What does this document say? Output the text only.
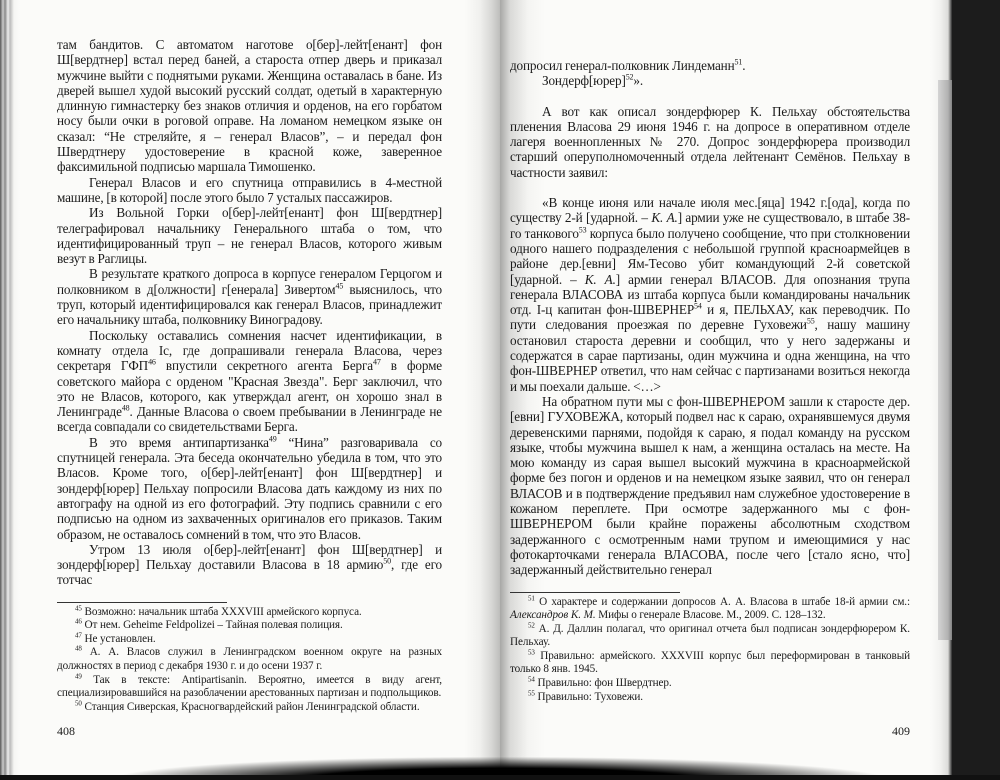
там бандитов. С автоматом наготове о[бер]-лейт[енант] фон Ш[вердтнер] встал перед баней, а староста отпер дверь и приказал мужчине выйти с поднятыми руками. Женщина оставалась в бане. Из дверей вышел худой высокий русский солдат, одетый в характерную длинную гимнастерку без знаков отличия и орденов, на его горбатом носу были очки в роговой оправе. На ломаном немецком языке он сказал: “Не стреляйте, я – генерал Власов”, – и передал фон Швердтнеру удостоверение в красной коже, заверенное факсимильной подписью маршала Тимошенко.

Генерал Власов и его спутница отправились в 4-местной машине, [в которой] после этого было 7 усталых пассажиров.

Из Вольной Горки о[бер]-лейт[енант] фон Ш[вердтнер] телеграфировал начальнику Генерального штаба о том, что идентифицированный труп – не генерал Власов, которого живым везут в Раглицы.

В результате краткого допроса в корпусе генералом Герцогом и полковником в д[олжности] г[енерала] Зивертом$^{45}$ выяснилось, что труп, который идентифицировался как генерал Власов, принадлежит его начальнику штаба, полковнику Виноградову.

Поскольку оставались сомнения насчет идентификации, в комнату отдела Ic, где допрашивали генерала Власова, через секретаря ГФП$^{46}$ впустили секретного агента Берга$^{47}$ в форме советского майора с орденом "Красная Звезда". Берг заключил, что это не Власов, которого, как утверждал агент, он хорошо знал в Ленинграде$^{48}$. Данные Власова о своем пребывании в Ленинграде не всегда совпадали со свидетельствами Берга.

В это время антипартизанка$^{49}$ “Нина” разговаривала со спутницей генерала. Эта беседа окончательно убедила в том, что это Власов. Кроме того, о[бер]-лейт[енант] фон Ш[вердтнер] и зондерф[юрер] Пельхау попросили Власова дать каждому из них по автографу на одной из его фотографий. Эту подпись сравнили с его подписью на одном из захваченных оригиналов его приказов. Таким образом, не оставалось сомнений в том, что это Власов.

Утром 13 июля о[бер]-лейт[енант] фон Ш[вердтнер] и зондерф[юрер] Пельхау доставили Власова в 18 армию$^{50}$, где его тотчас

$^{45}$ Возможно: начальник штаба XXXVIII армейского корпуса.

$^{46}$ От нем. Geheime Feldpolizei – Тайная полевая полиция.

$^{47}$ Не установлен.

$^{48}$ А. А. Власов служил в Ленинградском военном округе на разных должностях в период с декабря 1930 г. и до осени 1937 г.

$^{49}$ Так в тексте: Antipartisanin. Вероятно, имеется в виду агент, специализировавшийся на разоблачении арестованных партизан и подпольщиков.

$^{50}$ Станция Сиверская, Красногвардейский район Ленинградской области.

408

допросил генерал-полковник Линдеманн$^{51}$.

Зондерф[юрер]$^{52}$».

А вот как описал зондерфюрер К. Пельхау обстоятельства пленения Власова 29 июня 1946 г. на допросе в оперативном отделе лагеря военнопленных № 270. Допрос зондерфюрера производил старший оперуполномоченный отдела лейтенант Семёнов. Пельхау в частности заявил:

«В конце июня или начале июля мес.[яца] 1942 г.[ода], когда по существу 2-й [ударной. – К. А.] армии уже не существовало, в штабе 38-го танкового$^{53}$ корпуса было получено сообщение, что при столкновении одного нашего подразделения с небольшой группой красноармейцев в районе дер.[евни] Ям-Тесово убит командующий 2-й советской [ударной. – К. А.] армии генерал ВЛАСОВ. Для опознания трупа генерала ВЛАСОВА из штаба корпуса были командированы начальник отд. I-ц капитан фон-ШВЕРНЕР$^{54}$ и я, ПЕЛЬХАУ, как переводчик. По пути следования проезжая по деревне Гуховежи$^{55}$, нашу машину остановил староста деревни и сообщил, что у него задержаны и содержатся в сарае партизаны, один мужчина и одна женщина, на что фон-ШВЕРНЕР ответил, что нам сейчас с партизанами возиться некогда и мы поехали дальше. <…>

На обратном пути мы с фон-ШВЕРНЕРОМ зашли к старосте дер.[евни] ГУХОВЕЖА, который подвел нас к сараю, охранявшемуся двумя деревенскими парнями, подойдя к сараю, я подал команду на русском языке, чтобы мужчина вышел к нам, а женщина осталась на месте. На мою команду из сарая вышел высокий мужчина в красноармейской форме без погон и орденов и на немецком языке заявил, что он генерал ВЛАСОВ и в подтверждение предъявил нам служебное удостоверение в кожаном переплете. При осмотре задержанного мы с фон-ШВЕРНЕРОМ были крайне поражены абсолютным сходством задержанного с осмотренным нами трупом и имеющимися у нас фотокарточками генерала ВЛАСОВА, после чего [стало ясно, что] задержанный действительно генерал

$^{51}$ О характере и содержании допросов А. А. Власова в штабе 18-й армии см.: Александров К. М. Мифы о генерале Власове. М., 2009. С. 128–132.

$^{52}$ А. Д. Даллин полагал, что оригинал отчета был подписан зондерфюрером К. Пельхау.

$^{53}$ Правильно: армейского. XXXVIII корпус был переформирован в танковый только 8 янв. 1945.

$^{54}$ Правильно: фон Швердтнер.

$^{55}$ Правильно: Туховежи.

409
